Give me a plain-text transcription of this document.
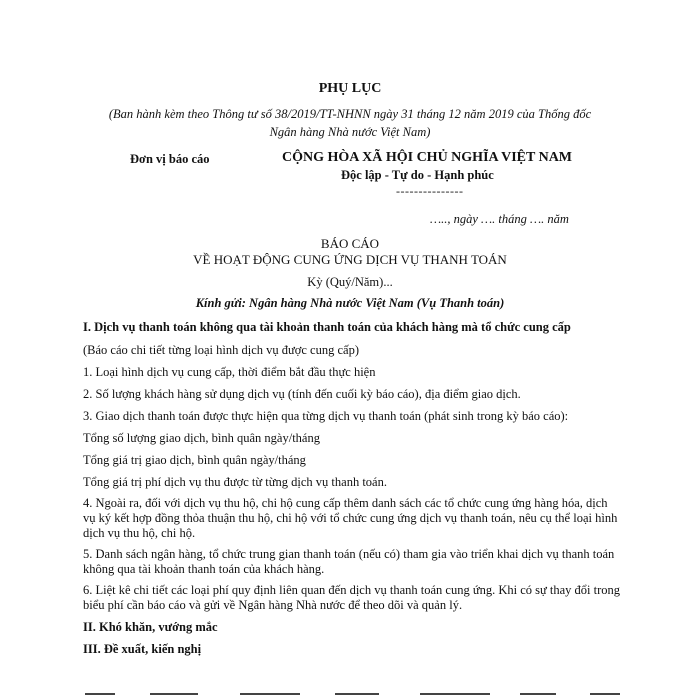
PHỤ LỤC
(Ban hành kèm theo Thông tư số 38/2019/TT-NHNN ngày 31 tháng 12 năm 2019 của Thống đốc
Ngân hàng Nhà nước Việt Nam)
Đơn vị báo cáo	CỘNG HÒA XÃ HỘI CHỦ NGHĨA VIỆT NAM
Độc lập - Tự do - Hạnh phúc
---------------
….., ngày …. tháng …. năm
BÁO CÁO
VỀ HOẠT ĐỘNG CUNG ỨNG DỊCH VỤ THANH TOÁN
Kỳ (Quý/Năm)...
Kính gửi: Ngân hàng Nhà nước Việt Nam (Vụ Thanh toán)

I. Dịch vụ thanh toán không qua tài khoản thanh toán của khách hàng mà tổ chức cung cấp

(Báo cáo chi tiết từng loại hình dịch vụ được cung cấp)

1. Loại hình dịch vụ cung cấp, thời điểm bắt đầu thực hiện

2. Số lượng khách hàng sử dụng dịch vụ (tính đến cuối kỳ báo cáo), địa điểm giao dịch.

3. Giao dịch thanh toán được thực hiện qua từng dịch vụ thanh toán (phát sinh trong kỳ báo cáo):

Tổng số lượng giao dịch, bình quân ngày/tháng

Tổng giá trị giao dịch, bình quân ngày/tháng

Tổng giá trị phí dịch vụ thu được từ từng dịch vụ thanh toán.

4. Ngoài ra, đối với dịch vụ thu hộ, chi hộ cung cấp thêm danh sách các tổ chức cung ứng hàng hóa, dịch vụ ký kết hợp đồng thỏa thuận thu hộ, chi hộ với tổ chức cung ứng dịch vụ thanh toán, nêu cụ thể loại hình dịch vụ thu hộ, chi hộ.

5. Danh sách ngân hàng, tổ chức trung gian thanh toán (nếu có) tham gia vào triển khai dịch vụ thanh toán không qua tài khoản thanh toán của khách hàng.

6. Liệt kê chi tiết các loại phí quy định liên quan đến dịch vụ thanh toán cung ứng. Khi có sự thay đổi trong biểu phí cần báo cáo và gửi về Ngân hàng Nhà nước để theo dõi và quản lý.

II. Khó khăn, vướng mắc

III. Đề xuất, kiến nghị
